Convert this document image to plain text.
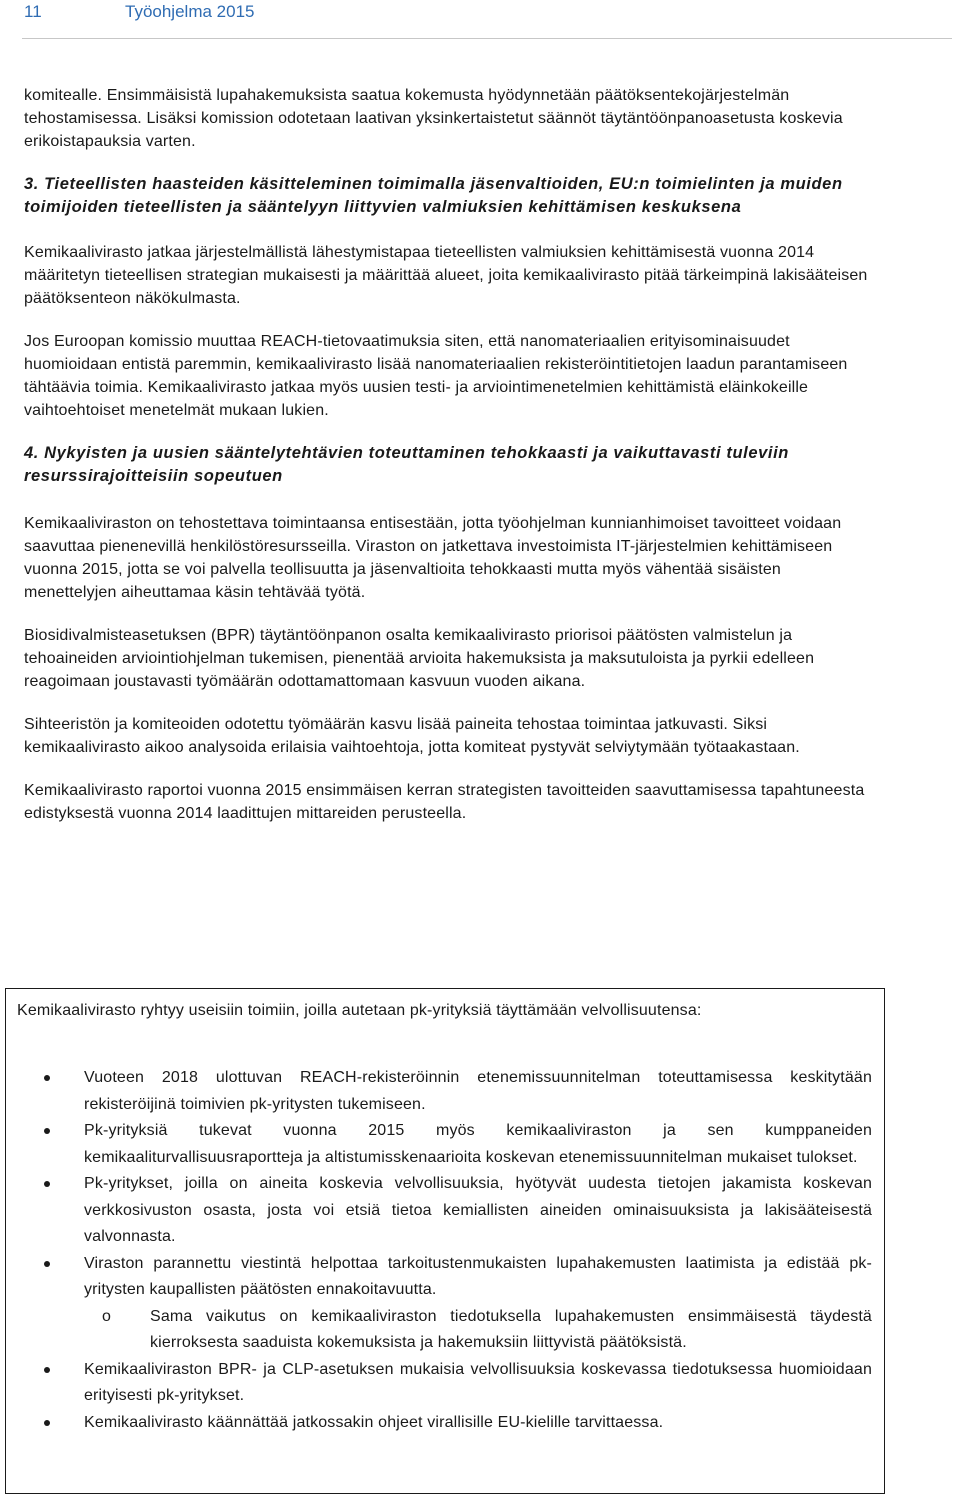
11	Työohjelma 2015

komitealle. Ensimmäisistä lupahakemuksista saatua kokemusta hyödynnetään päätöksentekojärjestelmän tehostamisessa. Lisäksi komission odotetaan laativan yksinkertaistetut säännöt täytäntöönpanoasetusta koskevia erikoistapauksia varten.

3. Tieteellisten haasteiden käsitteleminen toimimalla jäsenvaltioiden, EU:n toimielinten ja muiden toimijoiden tieteellisten ja sääntelyyn liittyvien valmiuksien kehittämisen keskuksena

Kemikaalivirasto jatkaa järjestelmällistä lähestymistapaa tieteellisten valmiuksien kehittämisestä vuonna 2014 määritetyn tieteellisen strategian mukaisesti ja määrittää alueet, joita kemikaalivirasto pitää tärkeimpinä lakisääteisen päätöksenteon näkökulmasta.

Jos Euroopan komissio muuttaa REACH-tietovaatimuksia siten, että nanomateriaalien erityisominaisuudet huomioidaan entistä paremmin, kemikaalivirasto lisää nanomateriaalien rekisteröintitietojen laadun parantamiseen tähtäävia toimia. Kemikaalivirasto jatkaa myös uusien testi- ja arviointimenetelmien kehittämistä eläinkokeille vaihtoehtoiset menetelmät mukaan lukien.

4. Nykyisten ja uusien sääntelytehtävien toteuttaminen tehokkaasti ja vaikuttavasti tuleviin resurssirajoitteisiin sopeutuen

Kemikaaliviraston on tehostettava toimintaansa entisestään, jotta työohjelman kunnianhimoiset tavoitteet voidaan saavuttaa pienenevillä henkilöstöresursseilla. Viraston on jatkettava investoimista IT-järjestelmien kehittämiseen vuonna 2015, jotta se voi palvella teollisuutta ja jäsenvaltioita tehokkaasti mutta myös vähentää sisäisten menettelyjen aiheuttamaa käsin tehtävää työtä.

Biosidivalmisteasetuksen (BPR) täytäntöönpanon osalta kemikaalivirasto priorisoi päätösten valmistelun ja tehoaineiden arviointiohjelman tukemisen, pienentää arvioita hakemuksista ja maksutuloista ja pyrkii edelleen reagoimaan joustavasti työmäärän odottamattomaan kasvuun vuoden aikana.

Sihteeristön ja komiteoiden odotettu työmäärän kasvu lisää paineita tehostaa toimintaa jatkuvasti. Siksi kemikaalivirasto aikoo analysoida erilaisia vaihtoehtoja, jotta komiteat pystyvät selviytymään työtaakastaan.

Kemikaalivirasto raportoi vuonna 2015 ensimmäisen kerran strategisten tavoitteiden saavuttamisessa tapahtuneesta edistyksestä vuonna 2014 laadittujen mittareiden perusteella.

Kemikaalivirasto ryhtyy useisiin toimiin, joilla autetaan pk-yrityksiä täyttämään velvollisuutensa:
Vuoteen 2018 ulottuvan REACH-rekisteröinnin etenemissuunnitelman toteuttamisessa keskitytään rekisteröijinä toimivien pk-yritysten tukemiseen.
Pk-yrityksiä tukevat vuonna 2015 myös kemikaaliviraston ja sen kumppaneiden kemikaaliturvallisuusraportteja ja altistumisskenaarioita koskevan etenemissuunnitelman mukaiset tulokset.
Pk-yritykset, joilla on aineita koskevia velvollisuuksia, hyötyvät uudesta tietojen jakamista koskevan verkkosivuston osasta, josta voi etsiä tietoa kemiallisten aineiden ominaisuuksista ja lakisääteisestä valvonnasta.
Viraston parannettu viestintä helpottaa tarkoitustenmukaisten lupahakemusten laatimista ja edistää pk-yritysten kaupallisten päätösten ennakoitavuutta.
o Sama vaikutus on kemikaaliviraston tiedotuksella lupahakemusten ensimmäisestä täydestä kierroksesta saaduista kokemuksista ja hakemuksiin liittyvistä päätöksistä.
Kemikaaliviraston BPR- ja CLP-asetuksen mukaisia velvollisuuksia koskevassa tiedotuksessa huomioidaan erityisesti pk-yritykset.
Kemikaalivirasto käännättää jatkossakin ohjeet virallisille EU-kielille tarvittaessa.
